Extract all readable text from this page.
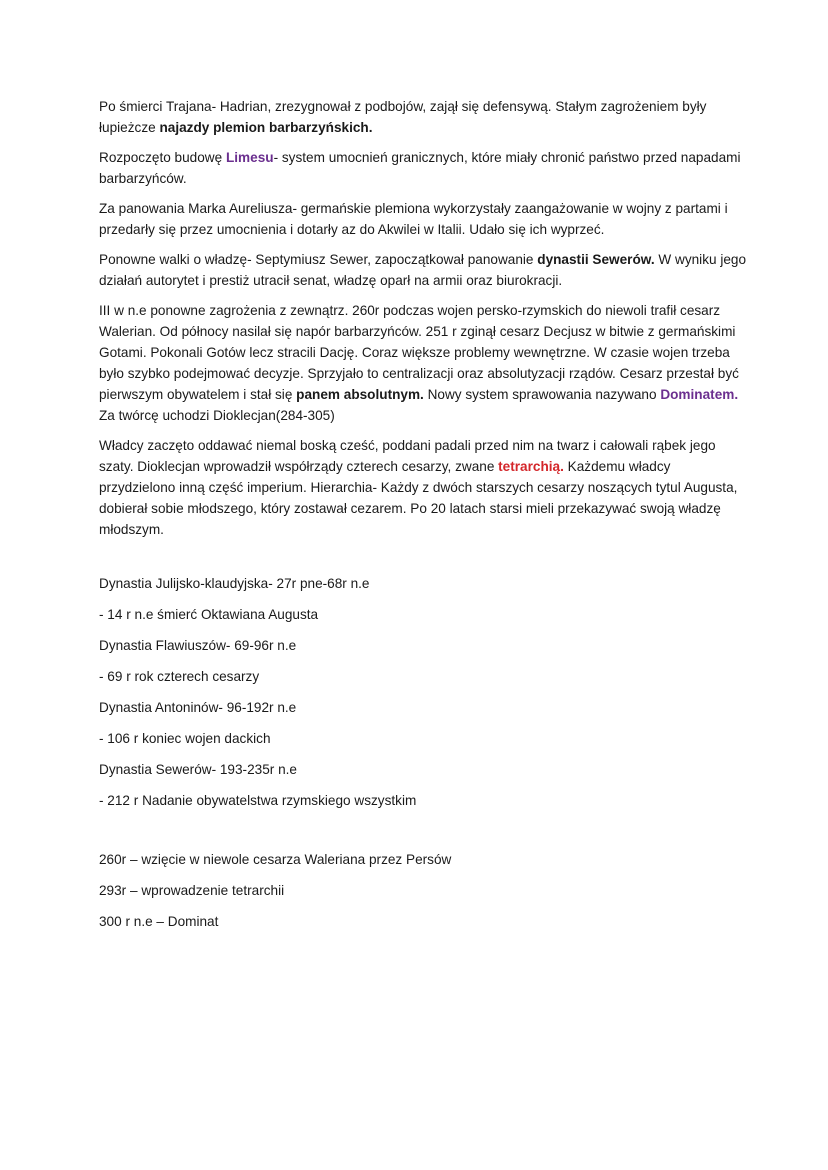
Po śmierci Trajana- Hadrian, zrezygnował z podbojów, zajął się defensywą. Stałym zagrożeniem były łupieżcze najazdy plemion barbarzyńskich.

Rozpoczęto budowę Limesu- system umocnień granicznych, które miały chronić państwo przed napadami barbarzyńców.

Za panowania Marka Aureliusza- germańskie plemiona wykorzystały zaangażowanie w wojny z partami i przedarły się przez umocnienia i dotarły az do Akwilei w Italii. Udało się ich wyprzeć.

Ponowne walki o władzę- Septymiusz Sewer, zapoczątkował panowanie dynastii Sewerów. W wyniku jego działań autorytet i prestiż utracił senat, władzę oparł na armii oraz biurokracji.

III w n.e ponowne zagrożenia z zewnątrz. 260r podczas wojen persko-rzymskich do niewoli trafił cesarz Walerian. Od północy nasilał się napór barbarzyńców. 251 r zginął cesarz Decjusz w bitwie z germańskimi Gotami. Pokonali Gotów lecz stracili Dację. Coraz większe problemy wewnętrzne. W czasie wojen trzeba było szybko podejmować decyzje. Sprzyjało to centralizacji oraz absolutyzacji rządów. Cesarz przestał być pierwszym obywatelem i stał się panem absolutnym. Nowy system sprawowania nazywano Dominatem. Za twórcę uchodzi Dioklecjan(284-305)

Władcy zaczęto oddawać niemal boską cześć, poddani padali przed nim na twarz i całowali rąbek jego szaty. Dioklecjan wprowadził współrządy czterech cesarzy, zwane tetrarchią. Każdemu władcy przydzielono inną część imperium. Hierarchia- Każdy z dwóch starszych cesarzy noszących tytul Augusta, dobierał sobie młodszego, który zostawał cezarem. Po 20 latach starsi mieli przekazywać swoją władzę młodszym.

Dynastia Julijsko-klaudyjska- 27r pne-68r n.e

- 14 r n.e śmierć Oktawiana Augusta

Dynastia Flawiuszów- 69-96r n.e

- 69 r rok czterech cesarzy

Dynastia Antoninów- 96-192r n.e

- 106 r koniec wojen dackich

Dynastia Sewerów- 193-235r n.e

- 212 r Nadanie obywatelstwa rzymskiego wszystkim

260r – wzięcie w niewole cesarza Waleriana przez Persów

293r – wprowadzenie tetrarchii

300 r n.e – Dominat
